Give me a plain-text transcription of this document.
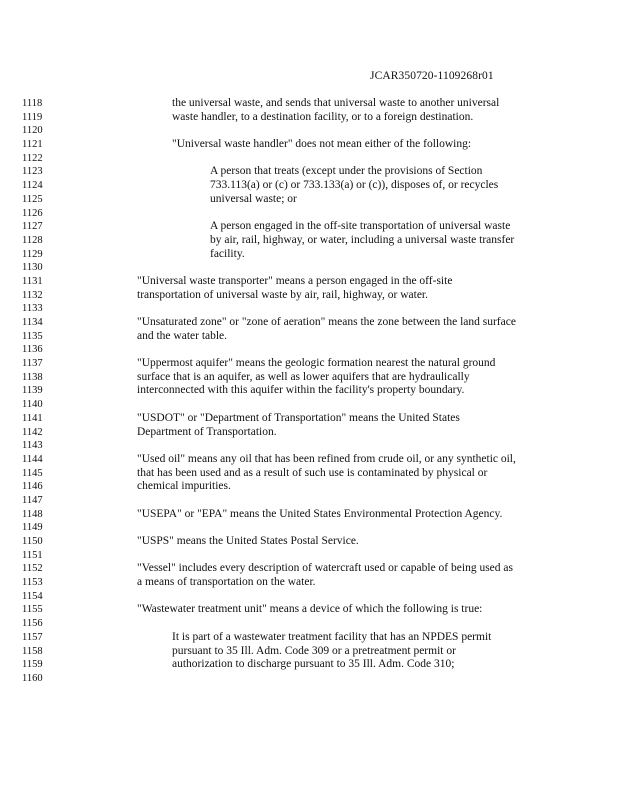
JCAR350720-1109268r01
1118	the universal waste, and sends that universal waste to another universal
1119	waste handler, to a destination facility, or to a foreign destination.
1120
1121	"Universal waste handler" does not mean either of the following:
1122
1123	A person that treats (except under the provisions of Section
1124	733.113(a) or (c) or 733.133(a) or (c)), disposes of, or recycles
1125	universal waste; or
1126
1127	A person engaged in the off-site transportation of universal waste
1128	by air, rail, highway, or water, including a universal waste transfer
1129	facility.
1130
1131	"Universal waste transporter" means a person engaged in the off-site
1132	transportation of universal waste by air, rail, highway, or water.
1133
1134	"Unsaturated zone" or "zone of aeration" means the zone between the land surface
1135	and the water table.
1136
1137	"Uppermost aquifer" means the geologic formation nearest the natural ground
1138	surface that is an aquifer, as well as lower aquifers that are hydraulically
1139	interconnected with this aquifer within the facility's property boundary.
1140
1141	"USDOT" or "Department of Transportation" means the United States
1142	Department of Transportation.
1143
1144	"Used oil" means any oil that has been refined from crude oil, or any synthetic oil,
1145	that has been used and as a result of such use is contaminated by physical or
1146	chemical impurities.
1147
1148	"USEPA" or "EPA" means the United States Environmental Protection Agency.
1149
1150	"USPS" means the United States Postal Service.
1151
1152	"Vessel" includes every description of watercraft used or capable of being used as
1153	a means of transportation on the water.
1154
1155	"Wastewater treatment unit" means a device of which the following is true:
1156
1157	It is part of a wastewater treatment facility that has an NPDES permit
1158	pursuant to 35 Ill. Adm. Code 309 or a pretreatment permit or
1159	authorization to discharge pursuant to 35 Ill. Adm. Code 310;
1160
